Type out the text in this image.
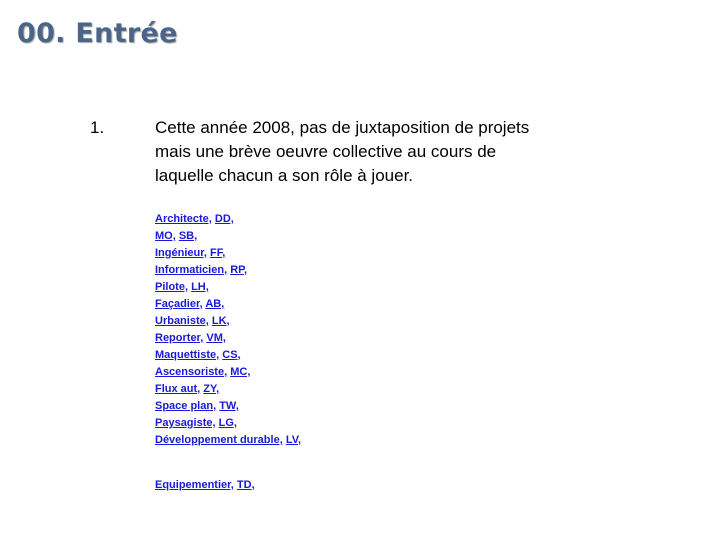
00. Entrée
1.	Cette année 2008, pas de juxtaposition de projets mais une brève oeuvre collective au cours de laquelle chacun a son rôle à jouer.
Architecte, DD,
MO, SB,
Ingénieur, FF,
Informaticien, RP,
Pilote, LH,
Façadier, AB,
Urbaniste, LK,
Reporter, VM,
Maquettiste, CS,
Ascensoriste, MC,
Flux aut, ZY,
Space plan, TW,
Paysagiste, LG,
Développement durable, LV,
Equipementier, TD,
